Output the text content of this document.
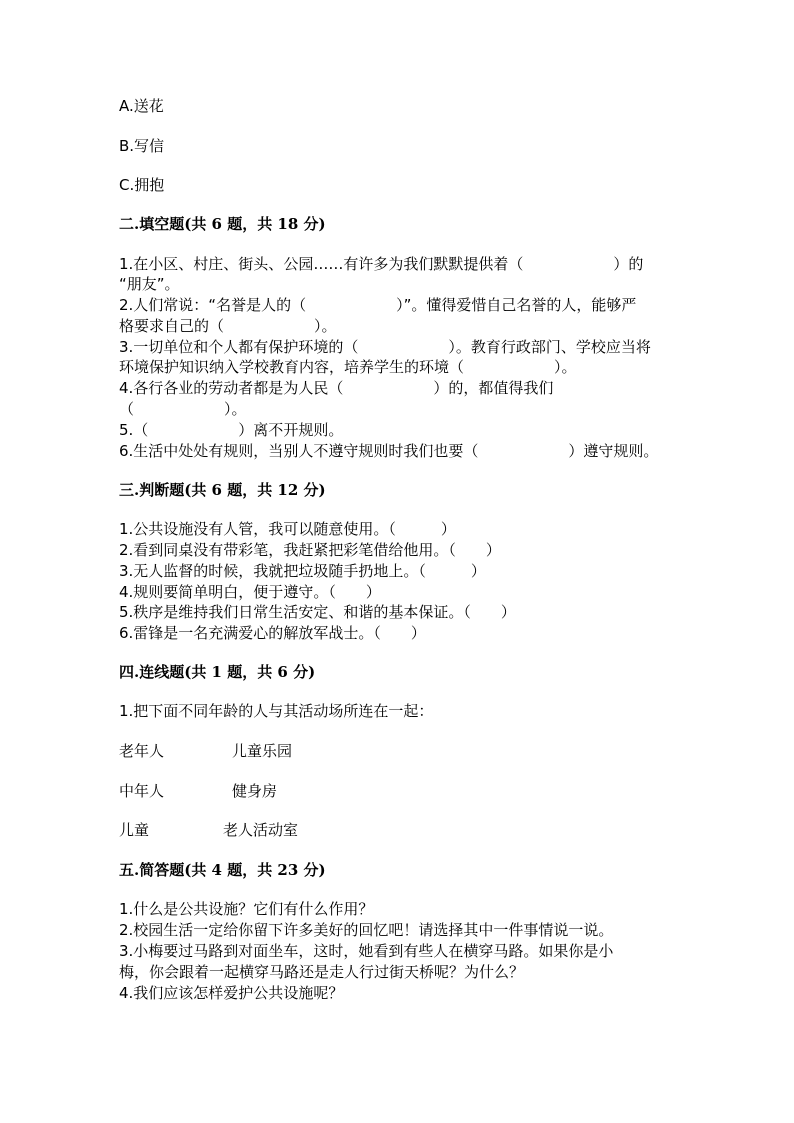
A.送花
B.写信
C.拥抱
二.填空题(共 6 题，共 18 分)
1.在小区、村庄、街头、公园……有许多为我们默默提供着（　　　　　　）的
“朋友”。
2.人们常说：“名誉是人的（　　　　　　）”。懂得爱惜自己名誉的人，能够严
格要求自己的（　　　　　　）。
3.一切单位和个人都有保护环境的（　　　　　　）。教育行政部门、学校应当将
环境保护知识纳入学校教育内容，培养学生的环境（　　　　　　）。
4.各行各业的劳动者都是为人民（　　　　　　）的，都值得我们
（　　　　　　）。
5.（　　　　　　）离不开规则。
6.生活中处处有规则，当别人不遵守规则时我们也要（　　　　　　）遵守规则。
三.判断题(共 6 题，共 12 分)
1.公共设施没有人管，我可以随意使用。（　　　）
2.看到同桌没有带彩笔，我赶紧把彩笔借给他用。（　　）
3.无人监督的时候，我就把垃圾随手扔地上。（　　　）
4.规则要简单明白，便于遵守。（　　）
5.秩序是维持我们日常生活安定、和谐的基本保证。（　　）
6.雷锋是一名充满爱心的解放军战士。（　　）
四.连线题(共 1 题，共 6 分)
1.把下面不同年龄的人与其活动场所连在一起：
老年人	儿童乐园
中年人	健身房
儿童	老人活动室
五.简答题(共 4 题，共 23 分)
1.什么是公共设施？它们有什么作用？
2.校园生活一定给你留下许多美好的回忆吧！请选择其中一件事情说一说。
3.小梅要过马路到对面坐车，这时，她看到有些人在横穿马路。如果你是小
梅，你会跟着一起横穿马路还是走人行过街天桥呢？为什么？
4.我们应该怎样爱护公共设施呢？
